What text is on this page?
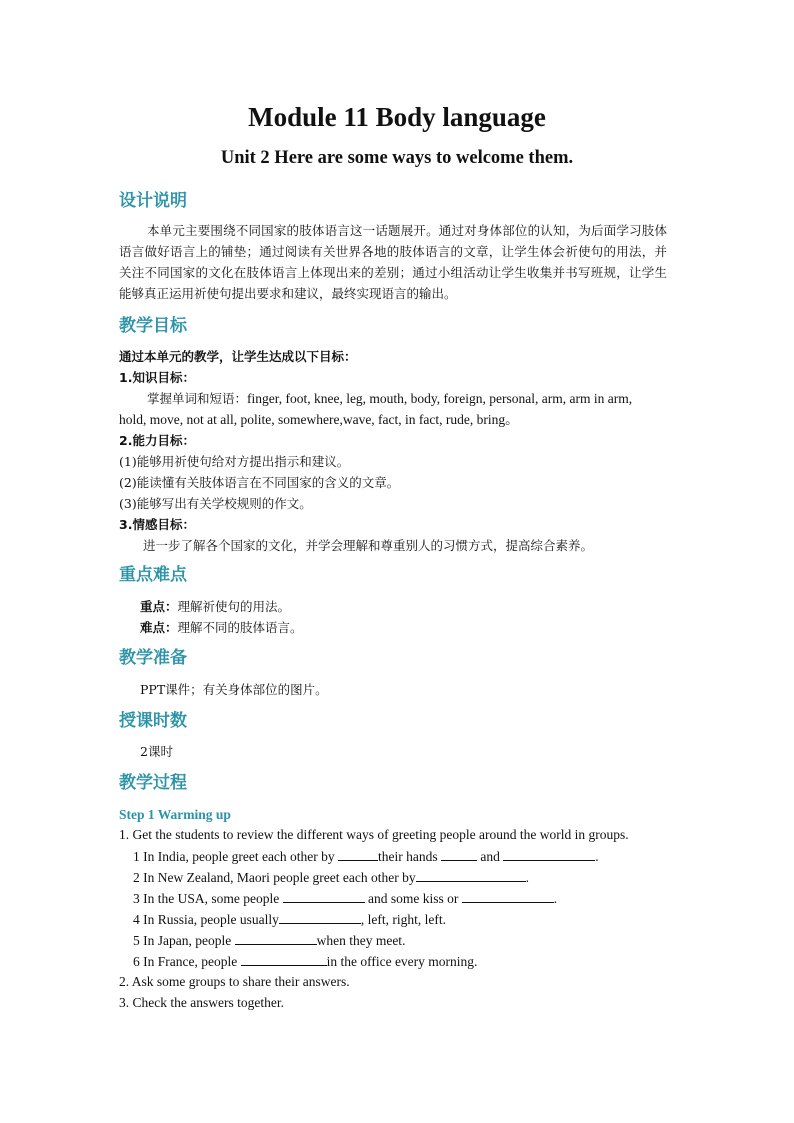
Module 11 Body language
Unit 2 Here are some ways to welcome them.
设计说明

本单元主要围绕不同国家的肢体语言这一话题展开。通过对身体部位的认知，为后面学习肢体语言做好语言上的铺垫；通过阅读有关世界各地的肢体语言的文章，让学生体会祈使句的用法，并关注不同国家的文化在肢体语言上体现出来的差别；通过小组活动让学生收集并书写班规，让学生能够真正运用祈使句提出要求和建议，最终实现语言的输出。

教学目标
通过本单元的教学，让学生达成以下目标：
1.知识目标：
掌握单词和短语：finger, foot, knee, leg, mouth, body, foreign, personal, arm, arm in arm,
hold, move, not at all, polite, somewhere,wave, fact, in fact, rude, bring。
2.能力目标：
(1)能够用祈使句给对方提出指示和建议。
(2)能读懂有关肢体语言在不同国家的含义的文章。
(3)能够写出有关学校规则的作文。
3.情感目标：
进一步了解各个国家的文化，并学会理解和尊重别人的习惯方式，提高综合素养。
重点难点
重点：理解祈使句的用法。
难点：理解不同的肢体语言。
教学准备
PPT课件；有关身体部位的图片。
授课时数
2课时
教学过程
Step 1 Warming up
1. Get the students to review the different ways of greeting people around the world in groups.
1 In India, people greet each other by	their hands	and	.
2 In New Zealand, Maori people greet each other by	.
3 In the USA, some people	and some kiss or	.
4 In Russia, people usually	, left, right, left.
5 In Japan, people	when they meet.
6 In France, people	in the office every morning.
2. Ask some groups to share their answers.
3. Check the answers together.
